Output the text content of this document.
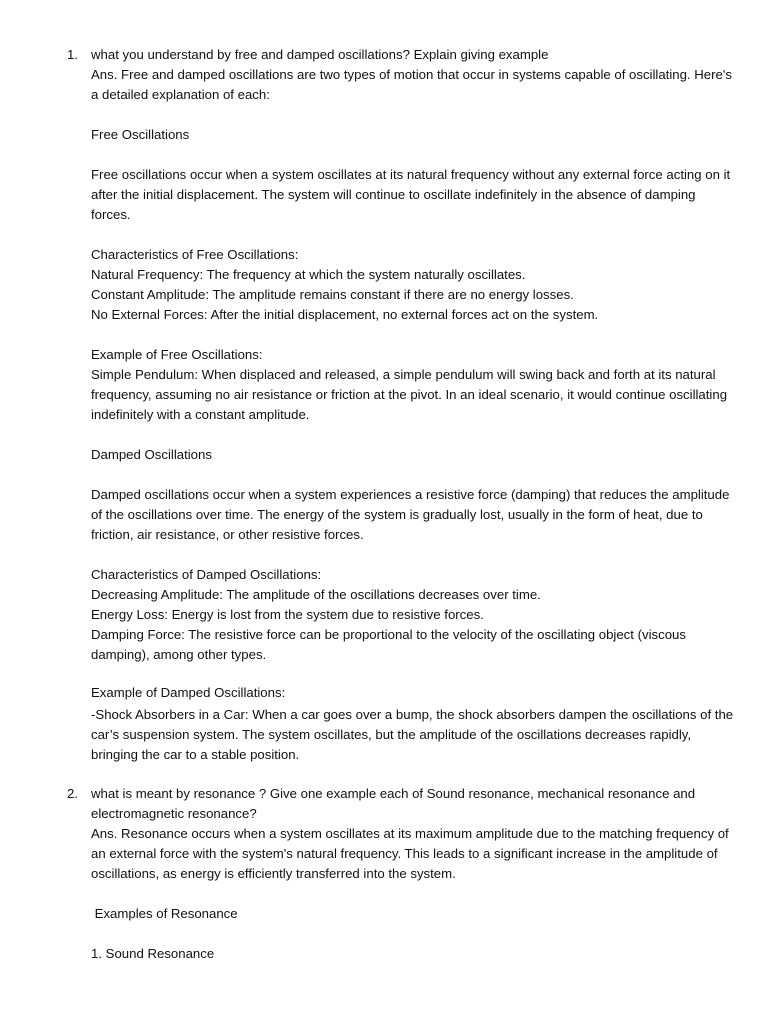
1. what you understand by free and damped oscillations? Explain giving example
Ans. Free and damped oscillations are two types of motion that occur in systems capable of oscillating. Here's
a detailed explanation of each:
Free Oscillations
Free oscillations occur when a system oscillates at its natural frequency without any external force acting on it
after the initial displacement. The system will continue to oscillate indefinitely in the absence of damping
forces.
Characteristics of Free Oscillations:
Natural Frequency: The frequency at which the system naturally oscillates.
Constant Amplitude: The amplitude remains constant if there are no energy losses.
No External Forces: After the initial displacement, no external forces act on the system.
Example of Free Oscillations:
Simple Pendulum: When displaced and released, a simple pendulum will swing back and forth at its natural
frequency, assuming no air resistance or friction at the pivot. In an ideal scenario, it would continue oscillating
indefinitely with a constant amplitude.
Damped Oscillations
Damped oscillations occur when a system experiences a resistive force (damping) that reduces the amplitude
of the oscillations over time. The energy of the system is gradually lost, usually in the form of heat, due to
friction, air resistance, or other resistive forces.
Characteristics of Damped Oscillations:
Decreasing Amplitude: The amplitude of the oscillations decreases over time.
Energy Loss: Energy is lost from the system due to resistive forces.
Damping Force: The resistive force can be proportional to the velocity of the oscillating object (viscous
damping), among other types.
Example of Damped Oscillations:
-Shock Absorbers in a Car: When a car goes over a bump, the shock absorbers dampen the oscillations of the
car’s suspension system. The system oscillates, but the amplitude of the oscillations decreases rapidly,
bringing the car to a stable position.
2. what is meant by resonance ? Give one example each of Sound resonance, mechanical resonance and
electromagnetic resonance?
Ans. Resonance occurs when a system oscillates at its maximum amplitude due to the matching frequency of
an external force with the system's natural frequency. This leads to a significant increase in the amplitude of
oscillations, as energy is efficiently transferred into the system.
Examples of Resonance
1. Sound Resonance
